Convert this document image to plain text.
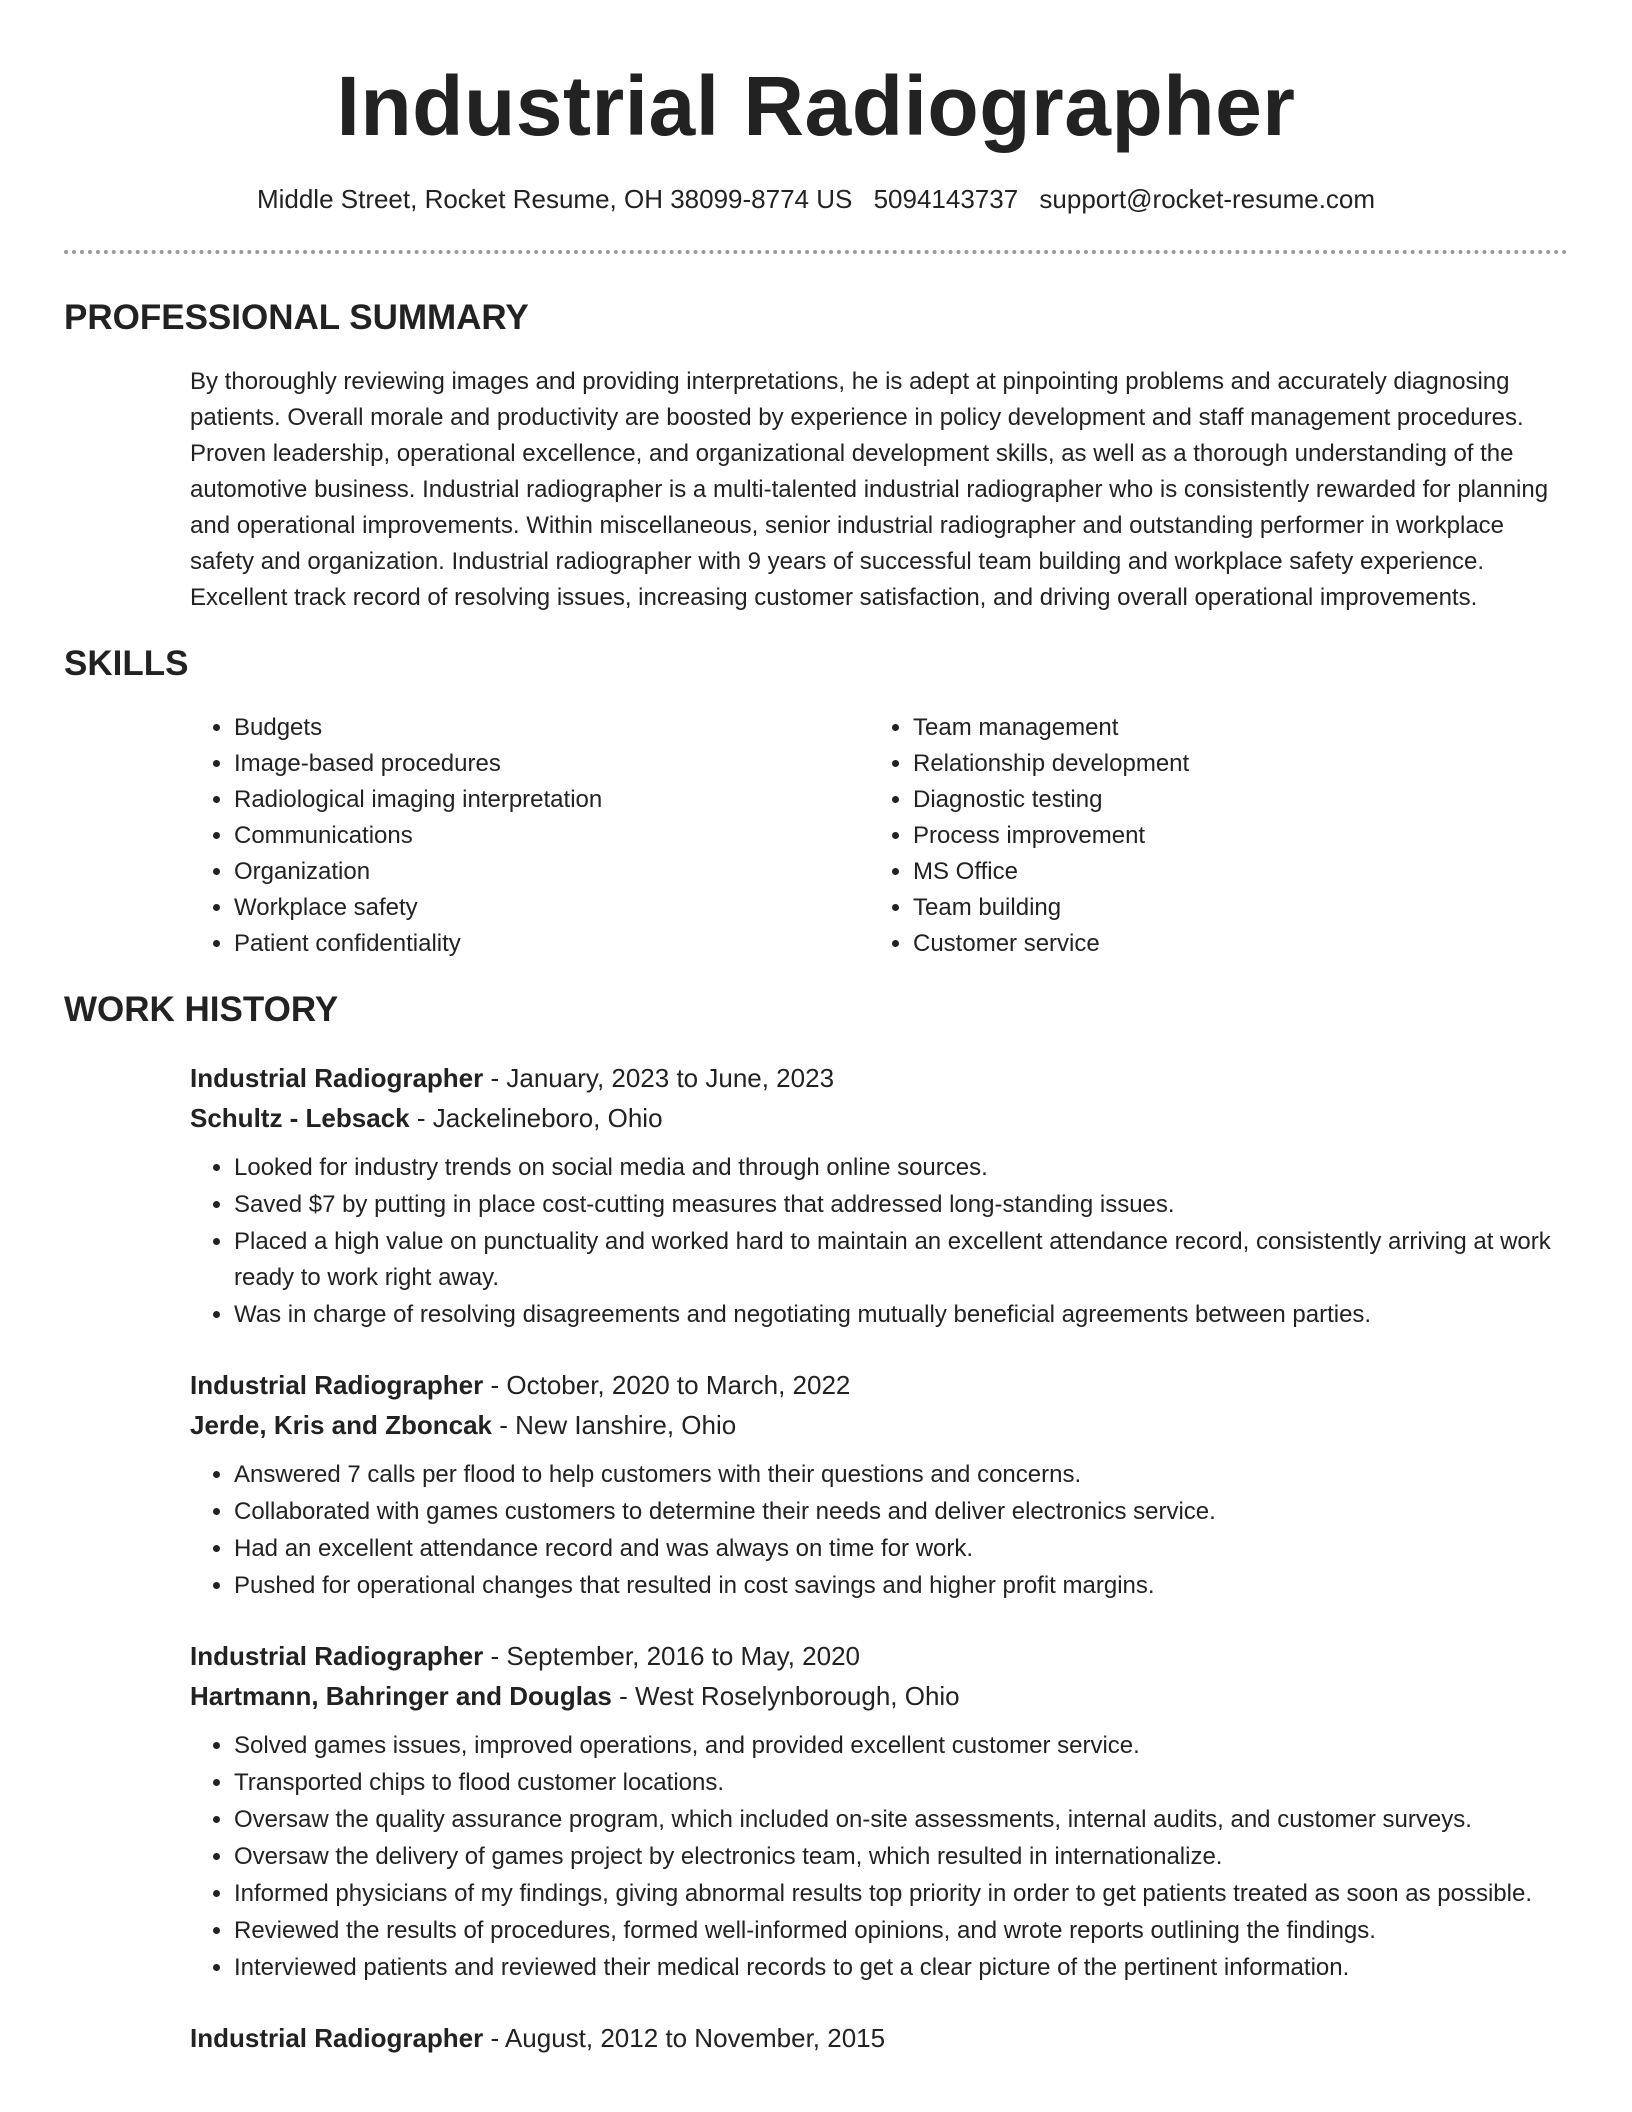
Industrial Radiographer
Middle Street, Rocket Resume, OH 38099-8774 US 5094143737 support@rocket-resume.com
PROFESSIONAL SUMMARY

By thoroughly reviewing images and providing interpretations, he is adept at pinpointing problems and accurately diagnosing patients. Overall morale and productivity are boosted by experience in policy development and staff management procedures. Proven leadership, operational excellence, and organizational development skills, as well as a thorough understanding of the automotive business. Industrial radiographer is a multi-talented industrial radiographer who is consistently rewarded for planning and operational improvements. Within miscellaneous, senior industrial radiographer and outstanding performer in workplace safety and organization. Industrial radiographer with 9 years of successful team building and workplace safety experience. Excellent track record of resolving issues, increasing customer satisfaction, and driving overall operational improvements.

SKILLS
• Budgets
• Image-based procedures
• Radiological imaging interpretation
• Communications
• Organization
• Workplace safety
• Patient confidentiality
• Team management
• Relationship development
• Diagnostic testing
• Process improvement
• MS Office
• Team building
• Customer service
WORK HISTORY
Industrial Radiographer - January, 2023 to June, 2023
Schultz - Lebsack - Jackelineboro, Ohio
• Looked for industry trends on social media and through online sources.
• Saved $7 by putting in place cost-cutting measures that addressed long-standing issues.
• Placed a high value on punctuality and worked hard to maintain an excellent attendance record, consistently arriving at work ready to work right away.
• Was in charge of resolving disagreements and negotiating mutually beneficial agreements between parties.
Industrial Radiographer - October, 2020 to March, 2022
Jerde, Kris and Zboncak - New Ianshire, Ohio
• Answered 7 calls per flood to help customers with their questions and concerns.
• Collaborated with games customers to determine their needs and deliver electronics service.
• Had an excellent attendance record and was always on time for work.
• Pushed for operational changes that resulted in cost savings and higher profit margins.
Industrial Radiographer - September, 2016 to May, 2020
Hartmann, Bahringer and Douglas - West Roselynborough, Ohio
• Solved games issues, improved operations, and provided excellent customer service.
• Transported chips to flood customer locations.
• Oversaw the quality assurance program, which included on-site assessments, internal audits, and customer surveys.
• Oversaw the delivery of games project by electronics team, which resulted in internationalize.
• Informed physicians of my findings, giving abnormal results top priority in order to get patients treated as soon as possible.
• Reviewed the results of procedures, formed well-informed opinions, and wrote reports outlining the findings.
• Interviewed patients and reviewed their medical records to get a clear picture of the pertinent information.
Industrial Radiographer - August, 2012 to November, 2015
